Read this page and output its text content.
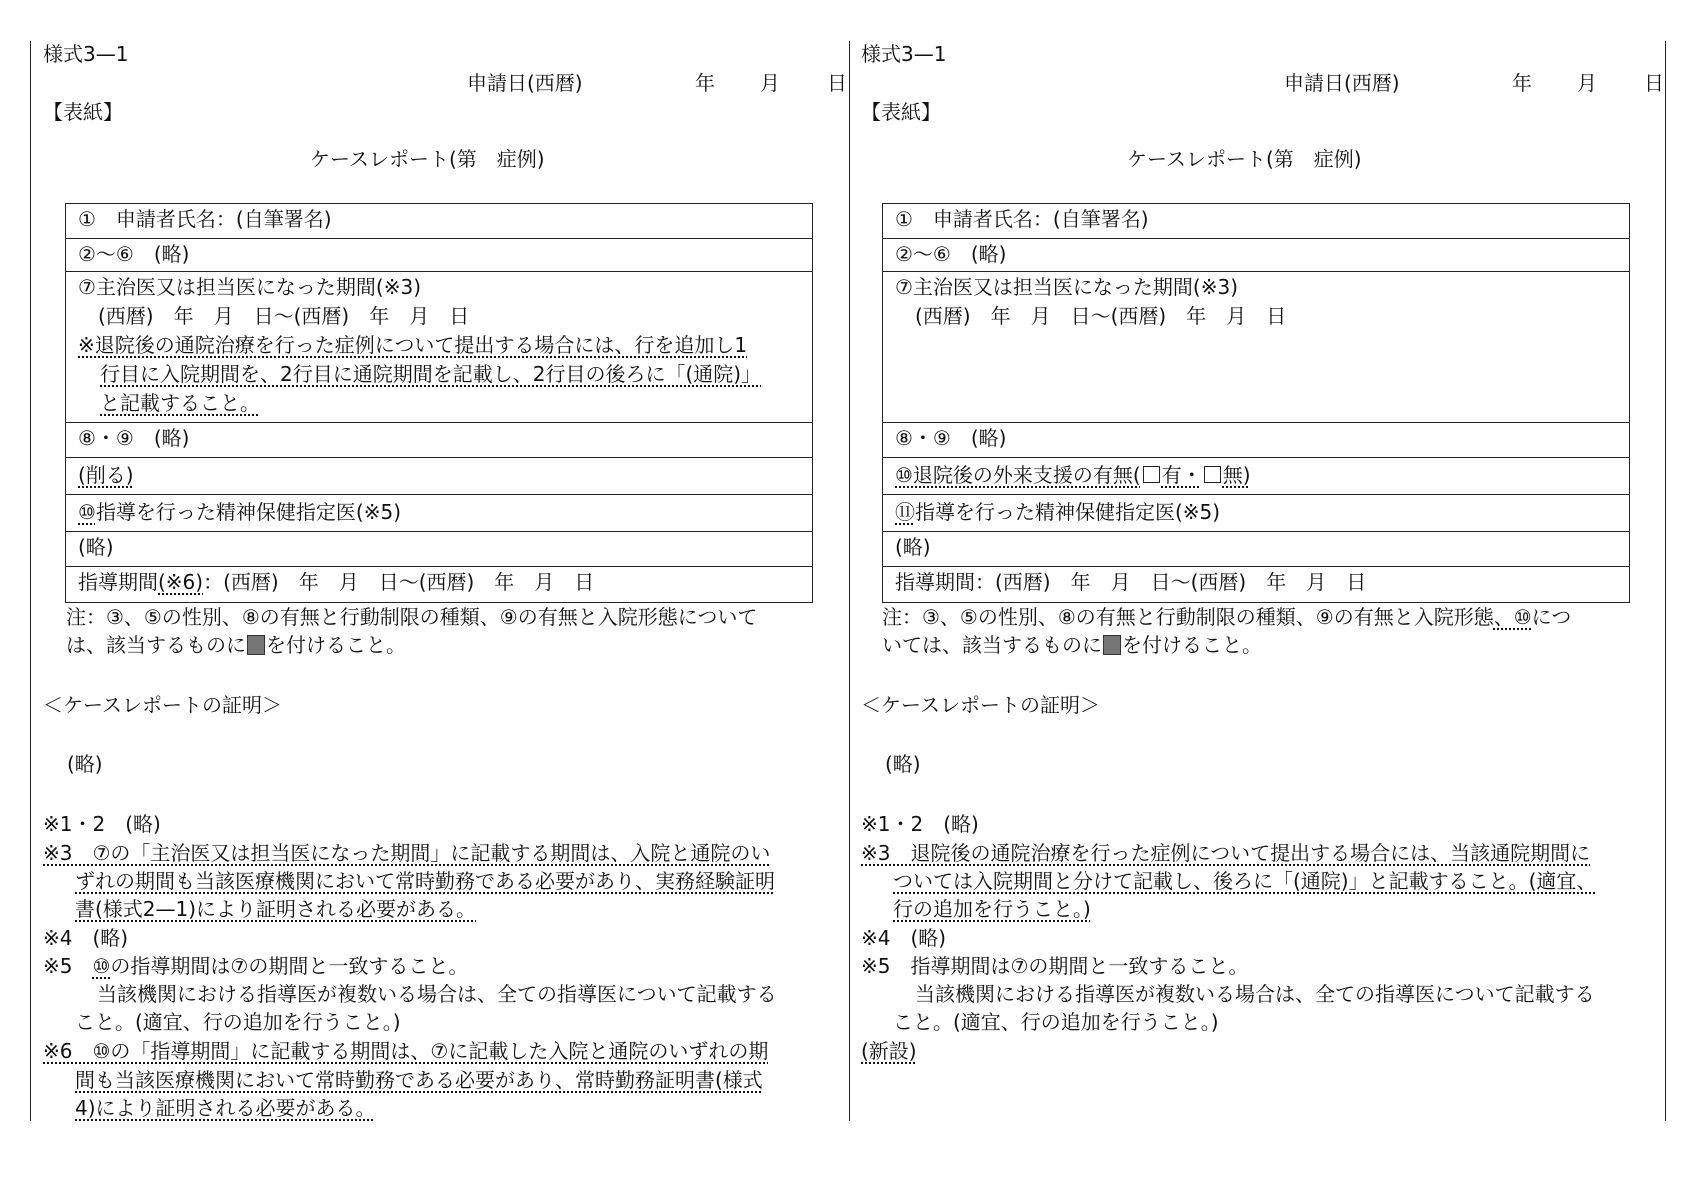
様式3—1
申請日(西暦)	年 月 日
【表紙】
ケースレポート(第　症例)
①　申請者氏名：(自筆署名)
②～⑥　(略)
⑦主治医又は担当医になった期間(※3)
(西暦)　年　月　日～(西暦)　年　月　日
※退院後の通院治療を行った症例について提出する場合には、行を追加し1
行目に入院期間を、2行目に通院期間を記載し、2行目の後ろに「(通院)」
と記載すること。
⑧・⑨　(略)
(削る)
⑩指導を行った精神保健指定医(※5)
(略)
指導期間(※6)：(西暦)　年　月　日～(西暦)　年　月　日
注：③、⑤の性別、⑧の有無と行動制限の種類、⑨の有無と入院形態について
は、該当するものに を付けること。
＜ケースレポートの証明＞
(略)
※1・2　(略)
※3　⑦の「主治医又は担当医になった期間」に記載する期間は、入院と通院のい
ずれの期間も当該医療機関において常時勤務である必要があり、実務経験証明
書(様式2—1)により証明される必要がある。
※4　(略)
※5　⑩の指導期間は⑦の期間と一致すること。
当該機関における指導医が複数いる場合は、全ての指導医について記載する
こと。(適宜、行の追加を行うこと。)
※6　⑩の「指導期間」に記載する期間は、⑦に記載した入院と通院のいずれの期
間も当該医療機関において常時勤務である必要があり、常時勤務証明書(様式
4)により証明される必要がある。
様式3—1
申請日(西暦)	年 月 日
【表紙】
ケースレポート(第　症例)
①　申請者氏名：(自筆署名)
②～⑥　(略)
⑦主治医又は担当医になった期間(※3)
(西暦)　年　月　日～(西暦)　年　月　日
⑧・⑨　(略)
⑩退院後の外来支援の有無( 有・ 無)
⑪指導を行った精神保健指定医(※5)
(略)
指導期間：(西暦)　年　月　日～(西暦)　年　月　日
注：③、⑤の性別、⑧の有無と行動制限の種類、⑨の有無と入院形態、⑩につ
いては、該当するものに を付けること。
＜ケースレポートの証明＞
(略)
※1・2　(略)
※3　退院後の通院治療を行った症例について提出する場合には、当該通院期間に
ついては入院期間と分けて記載し、後ろに「(通院)」と記載すること。(適宜、
行の追加を行うこと。)
※4　(略)
※5　指導期間は⑦の期間と一致すること。
当該機関における指導医が複数いる場合は、全ての指導医について記載する
こと。(適宜、行の追加を行うこと。)
(新設)
